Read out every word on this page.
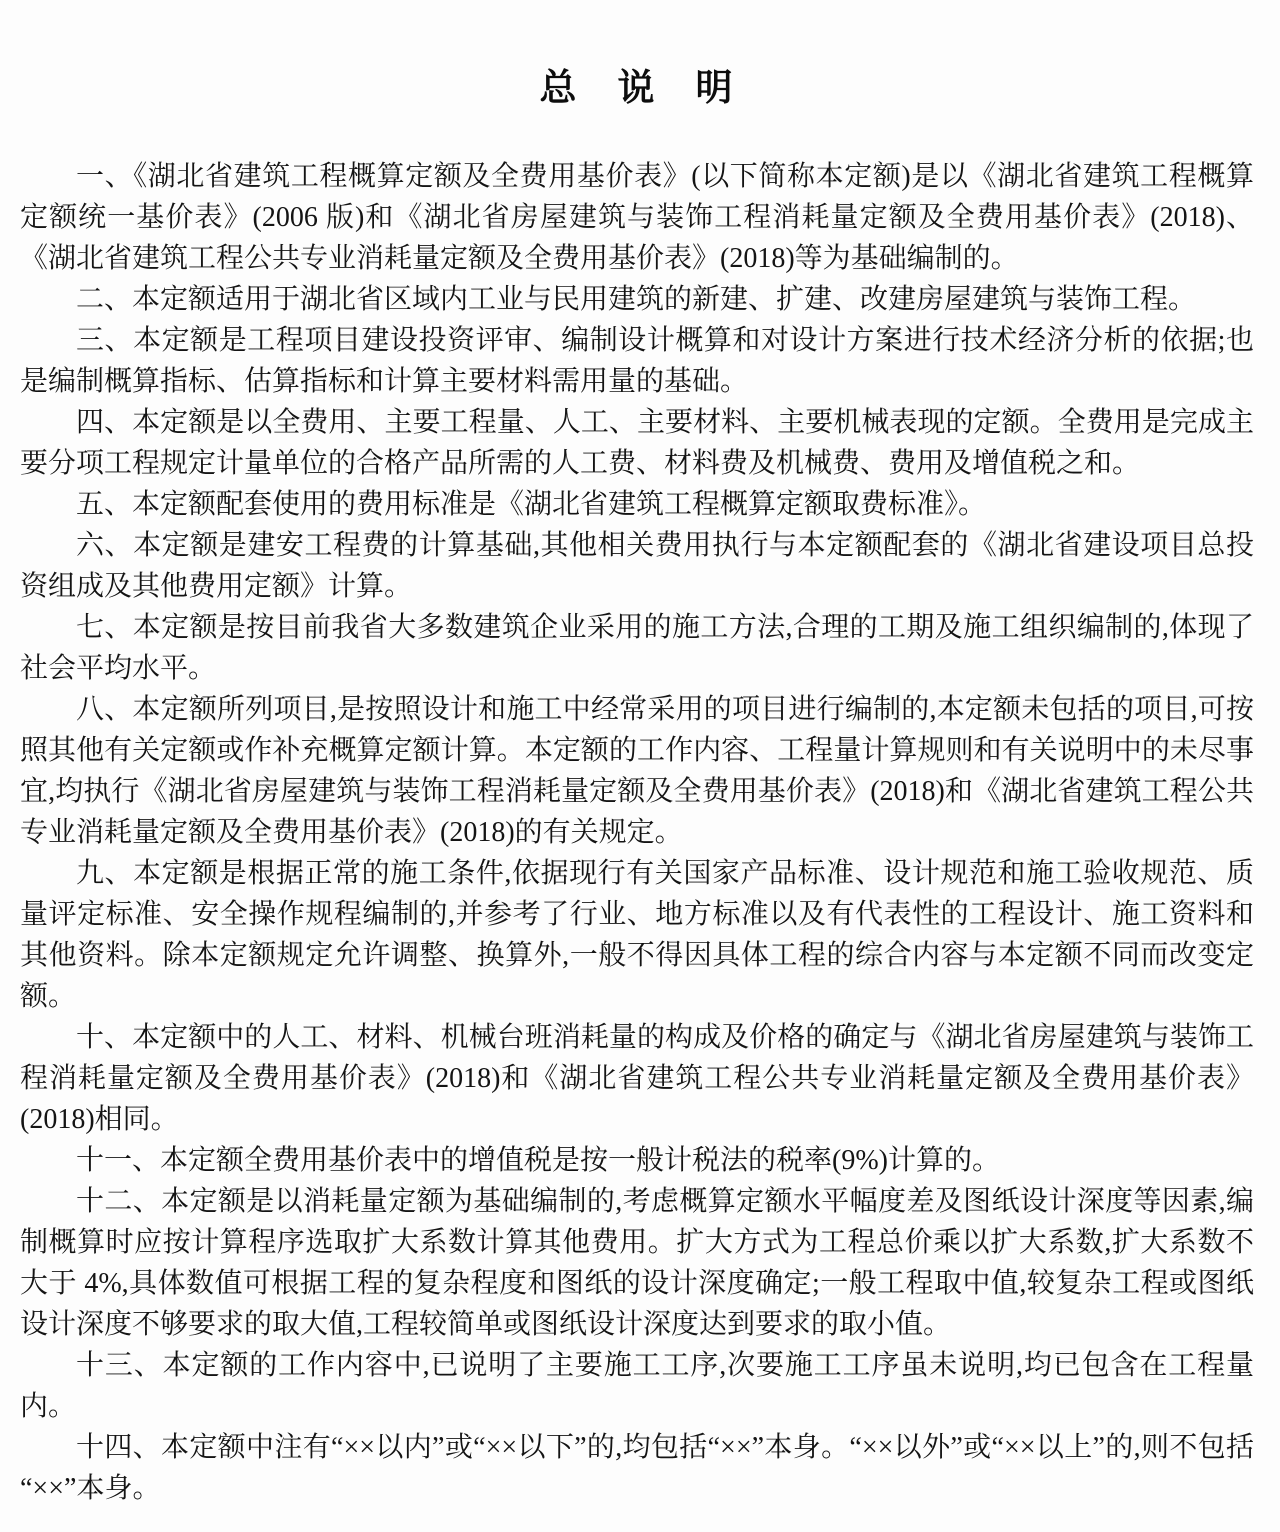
总　说　明

一、《湖北省建筑工程概算定额及全费用基价表》(以下简称本定额)是以《湖北省建筑工程概算定额统一基价表》(2006 版)和《湖北省房屋建筑与装饰工程消耗量定额及全费用基价表》(2018)、《湖北省建筑工程公共专业消耗量定额及全费用基价表》(2018)等为基础编制的。

二、本定额适用于湖北省区域内工业与民用建筑的新建、扩建、改建房屋建筑与装饰工程。

三、本定额是工程项目建设投资评审、编制设计概算和对设计方案进行技术经济分析的依据;也是编制概算指标、估算指标和计算主要材料需用量的基础。

四、本定额是以全费用、主要工程量、人工、主要材料、主要机械表现的定额。全费用是完成主要分项工程规定计量单位的合格产品所需的人工费、材料费及机械费、费用及增值税之和。

五、本定额配套使用的费用标准是《湖北省建筑工程概算定额取费标准》。

六、本定额是建安工程费的计算基础,其他相关费用执行与本定额配套的《湖北省建设项目总投资组成及其他费用定额》计算。

七、本定额是按目前我省大多数建筑企业采用的施工方法,合理的工期及施工组织编制的,体现了社会平均水平。

八、本定额所列项目,是按照设计和施工中经常采用的项目进行编制的,本定额未包括的项目,可按照其他有关定额或作补充概算定额计算。本定额的工作内容、工程量计算规则和有关说明中的未尽事宜,均执行《湖北省房屋建筑与装饰工程消耗量定额及全费用基价表》(2018)和《湖北省建筑工程公共专业消耗量定额及全费用基价表》(2018)的有关规定。

九、本定额是根据正常的施工条件,依据现行有关国家产品标准、设计规范和施工验收规范、质量评定标准、安全操作规程编制的,并参考了行业、地方标准以及有代表性的工程设计、施工资料和其他资料。除本定额规定允许调整、换算外,一般不得因具体工程的综合内容与本定额不同而改变定额。

十、本定额中的人工、材料、机械台班消耗量的构成及价格的确定与《湖北省房屋建筑与装饰工程消耗量定额及全费用基价表》(2018)和《湖北省建筑工程公共专业消耗量定额及全费用基价表》(2018)相同。

十一、本定额全费用基价表中的增值税是按一般计税法的税率(9%)计算的。

十二、本定额是以消耗量定额为基础编制的,考虑概算定额水平幅度差及图纸设计深度等因素,编制概算时应按计算程序选取扩大系数计算其他费用。扩大方式为工程总价乘以扩大系数,扩大系数不大于 4%,具体数值可根据工程的复杂程度和图纸的设计深度确定;一般工程取中值,较复杂工程或图纸设计深度不够要求的取大值,工程较简单或图纸设计深度达到要求的取小值。

十三、本定额的工作内容中,已说明了主要施工工序,次要施工工序虽未说明,均已包含在工程量内。

十四、本定额中注有“××以内”或“××以下”的,均包括“××”本身。“××以外”或“××以上”的,则不包括“××”本身。
